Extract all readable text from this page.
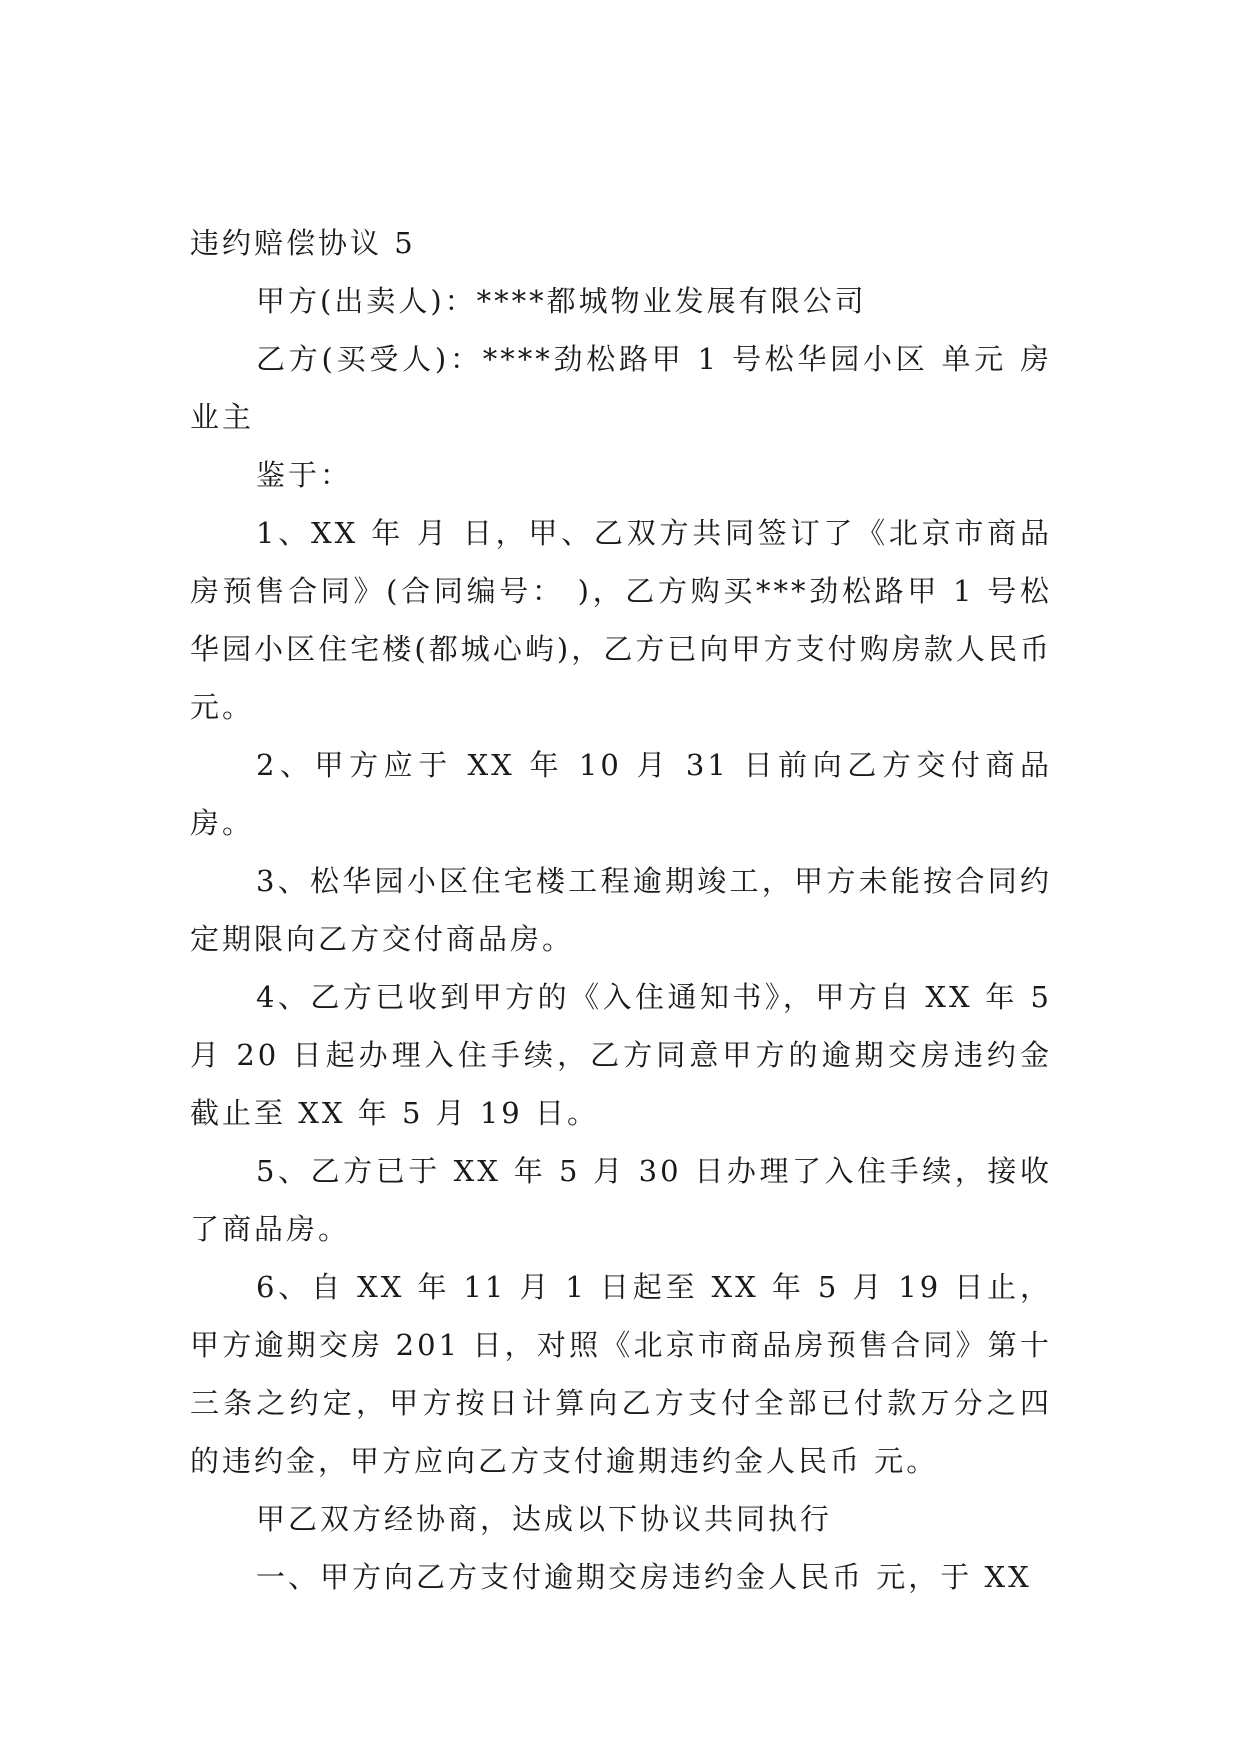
违约赔偿协议 5

甲方(出卖人)：****都城物业发展有限公司

乙方(买受人)：****劲松路甲 1 号松华园小区 单元 房业主

鉴于：

1、XX 年 月 日，甲、乙双方共同签订了《北京市商品房预售合同》(合同编号： )，乙方购买***劲松路甲 1 号松华园小区住宅楼(都城心屿)，乙方已向甲方支付购房款人民币 元。

2、甲方应于 XX 年 10 月 31 日前向乙方交付商品房。

3、松华园小区住宅楼工程逾期竣工，甲方未能按合同约定期限向乙方交付商品房。

4、乙方已收到甲方的《入住通知书》，甲方自 XX 年 5 月 20 日起办理入住手续，乙方同意甲方的逾期交房违约金截止至 XX 年 5 月 19 日。

5、乙方已于 XX 年 5 月 30 日办理了入住手续，接收了商品房。

6、自 XX 年 11 月 1 日起至 XX 年 5 月 19 日止，甲方逾期交房 201 日，对照《北京市商品房预售合同》第十三条之约定，甲方按日计算向乙方支付全部已付款万分之四的违约金，甲方应向乙方支付逾期违约金人民币 元。

甲乙双方经协商，达成以下协议共同执行

一、甲方向乙方支付逾期交房违约金人民币 元，于 XX
